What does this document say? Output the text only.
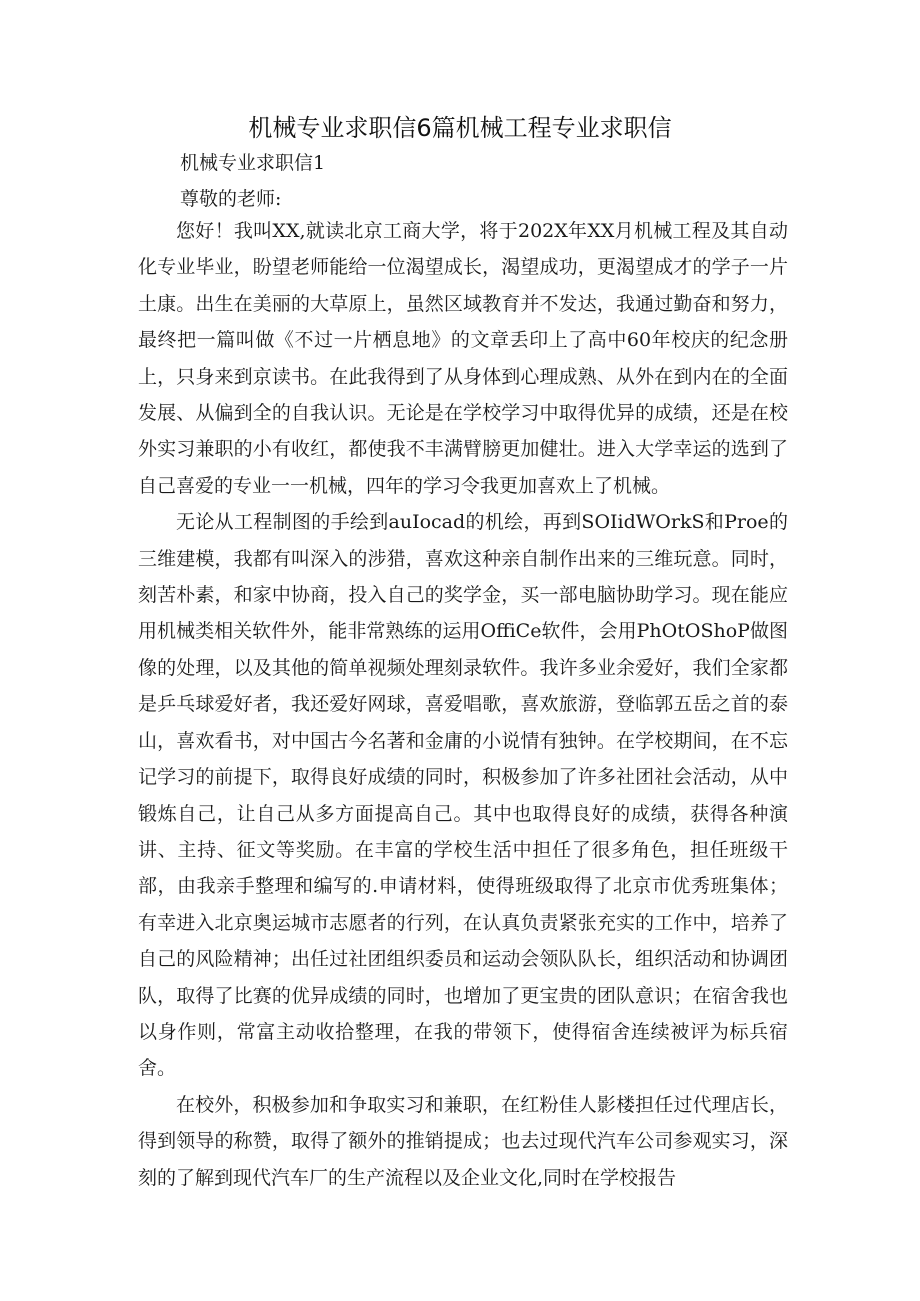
机械专业求职信6篇机械工程专业求职信
机械专业求职信1
尊敬的老师:

您好！我叫XX,就读北京工商大学，将于202X年XX月机械工程及其自动化专业毕业，盼望老师能给一位渴望成长，渴望成功，更渴望成才的学子一片土康。出生在美丽的大草原上，虽然区域教育并不发达，我通过勤奋和努力，最终把一篇叫做《不过一片栖息地》的文章丢印上了高中60年校庆的纪念册上，只身来到京读书。在此我得到了从身体到心理成熟、从外在到内在的全面发展、从偏到全的自我认识。无论是在学校学习中取得优异的成绩，还是在校外实习兼职的小有收红，都使我不丰满臂膀更加健壮。进入大学幸运的选到了自己喜爱的专业一一机械，四年的学习令我更加喜欢上了机械。

无论从工程制图的手绘到auIocad的机绘，再到SOIidWOrkS和Proe的三维建模，我都有叫深入的涉猎，喜欢这种亲自制作出来的三维玩意。同时，刻苦朴素，和家中协商，投入自己的奖学金，买一部电脑协助学习。现在能应用机械类相关软件外，能非常熟练的运用OffiCe软件，会用PhOtOShoP做图像的处理，以及其他的简单视频处理刻录软件。我许多业余爱好，我们全家都是乒乓球爱好者，我还爱好网球，喜爱唱歌，喜欢旅游，登临郭五岳之首的泰山，喜欢看书，对中国古今名著和金庸的小说情有独钟。在学校期间，在不忘记学习的前提下，取得良好成绩的同时，积极参加了许多社团社会活动，从中锻炼自己，让自己从多方面提高自己。其中也取得良好的成绩，获得各种演讲、主持、征文等奖励。在丰富的学校生活中担任了很多角色，担任班级干部，由我亲手整理和编写的.申请材料，使得班级取得了北京市优秀班集体；有幸进入北京奥运城市志愿者的行列，在认真负责紧张充实的工作中，培养了自己的风险精神；出任过社团组织委员和运动会领队队长，组织活动和协调团队，取得了比赛的优异成绩的同时，也增加了更宝贵的团队意识；在宿舍我也以身作则，常富主动收拾整理，在我的带领下，使得宿舍连续被评为标兵宿舍。

在校外，积极参加和争取实习和兼职，在红粉佳人影楼担任过代理店长，得到领导的称赞，取得了额外的推销提成；也去过现代汽车公司参观实习，深刻的了解到现代汽车厂的生产流程以及企业文化,同时在学校报告
